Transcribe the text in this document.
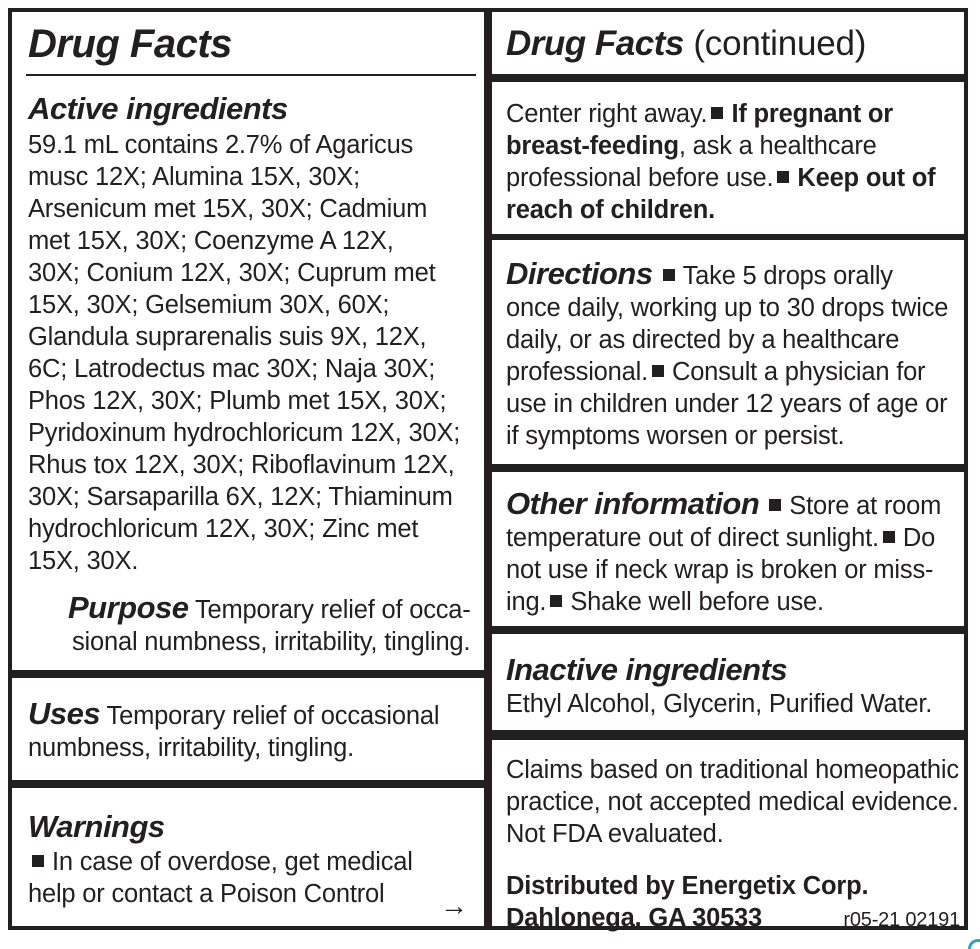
Drug Facts
Active ingredients
59.1 mL contains 2.7% of Agaricus
musc 12X; Alumina 15X, 30X;
Arsenicum met 15X, 30X; Cadmium
met 15X, 30X; Coenzyme A 12X,
30X; Conium 12X, 30X; Cuprum met
15X, 30X; Gelsemium 30X, 60X;
Glandula suprarenalis suis 9X, 12X,
6C; Latrodectus mac 30X; Naja 30X;
Phos 12X, 30X; Plumb met 15X, 30X;
Pyridoxinum hydrochloricum 12X, 30X;
Rhus tox 12X, 30X; Riboflavinum 12X,
30X; Sarsaparilla 6X, 12X; Thiaminum
hydrochloricum 12X, 30X; Zinc met
15X, 30X.
Purpose Temporary relief of occa-
sional numbness, irritability, tingling.
Uses Temporary relief of occasional
numbness, irritability, tingling.
Warnings
In case of overdose, get medical
help or contact a Poison Control	→
Drug Facts (continued)
Center right away. If pregnant or
breast-feeding, ask a healthcare
professional before use. Keep out of
reach of children.
Directions Take 5 drops orally
once daily, working up to 30 drops twice
daily, or as directed by a healthcare
professional. Consult a physician for
use in children under 12 years of age or
if symptoms worsen or persist.
Other information Store at room
temperature out of direct sunlight. Do
not use if neck wrap is broken or miss-
ing. Shake well before use.
Inactive ingredients
Ethyl Alcohol, Glycerin, Purified Water.
Claims based on traditional homeopathic
practice, not accepted medical evidence.
Not FDA evaluated.
Distributed by Energetix Corp.
Dahlonega, GA 30533	r05-21 02191
